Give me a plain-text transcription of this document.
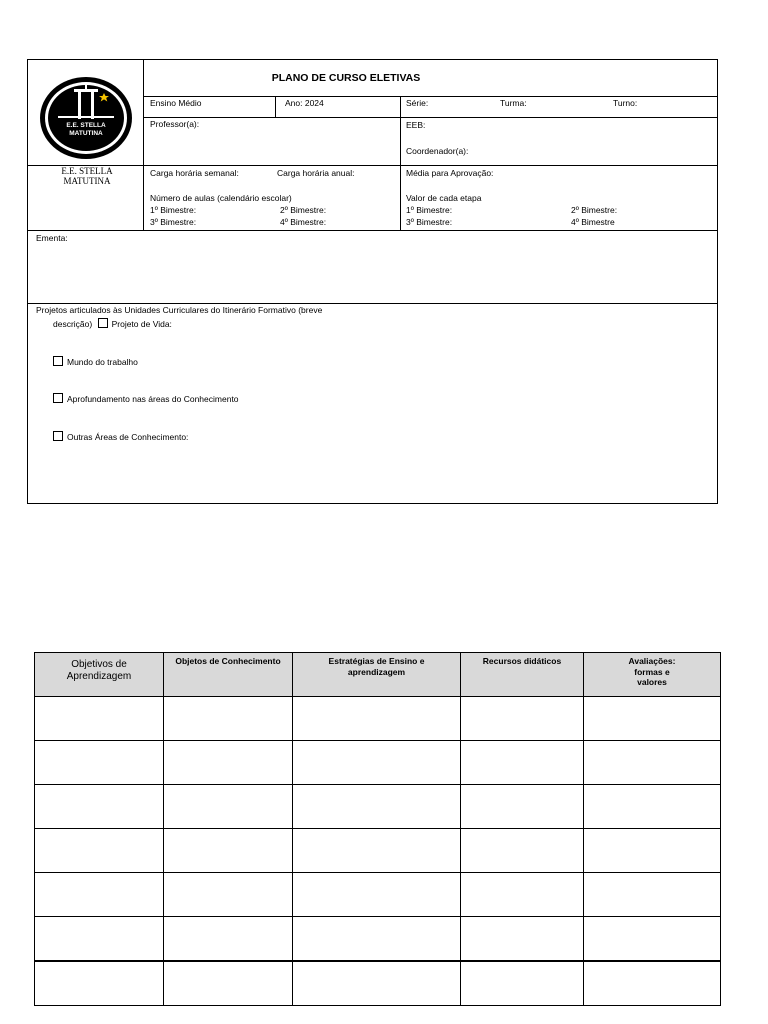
E.E. STELLA
MATUTINA
PLANO DE CURSO ELETIVAS
Ensino Médio	Ano: 2024	Série:	Turma:	Turno:
Professor(a):	EEB:
Coordenador(a):
E.E. STELLA MATUTINA
Carga horária semanal:	Carga horária anual:	Média para Aprovação:
Número de aulas (calendário escolar)
1º Bimestre:	2º Bimestre:
3º Bimestre:	4º Bimestre:
Valor de cada etapa
1º Bimestre:	2º Bimestre:
3º Bimestre:	4º Bimestre
Ementa:
Projetos articulados às Unidades Curriculares do Itinerário Formativo (breve
descrição) Projeto de Vida:
Mundo do trabalho
Aprofundamento nas áreas do Conhecimento
Outras Áreas de Conhecimento:
Objetivos de Aprendizagem	Objetos de Conhecimento	Estratégias de Ensino e aprendizagem	Recursos didáticos	Avaliações: formas e valores
